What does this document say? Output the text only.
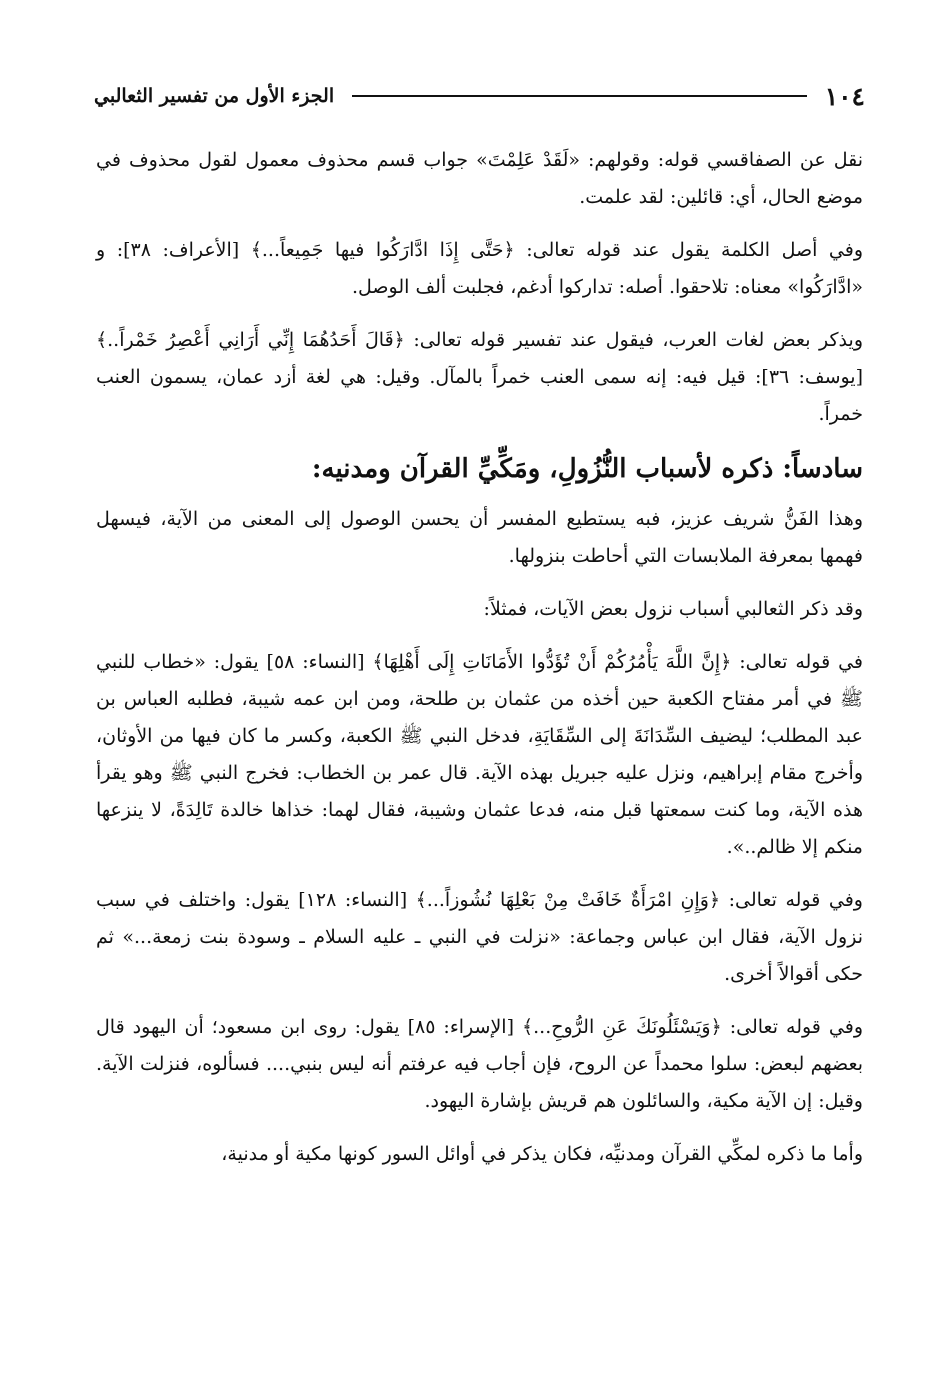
١٠٤
الجزء الأول من تفسير الثعالبي

نقل عن الصفاقسي قوله: وقولهم: «لَقَدْ عَلِمْتَ» جواب قسم محذوف معمول لقول محذوف في موضع الحال، أي: قائلين: لقد علمت.

وفي أصل الكلمة يقول عند قوله تعالى: ﴿حَتَّى إِذَا ادَّارَكُوا فيها جَمِيعاً...﴾ [الأعراف: ٣٨]: و «ادَّارَكُوا» معناه: تلاحقوا. أصله: تداركوا أدغم، فجلبت ألف الوصل.

ويذكر بعض لغات العرب، فيقول عند تفسير قوله تعالى: ﴿قَالَ أَحَدُهُمَا إِنِّي أَرَانِي أَعْصِرُ خَمْراً..﴾ [يوسف: ٣٦]: قيل فيه: إنه سمى العنب خمراً بالمآل. وقيل: هي لغة أزد عمان، يسمون العنب خمراً.

سادساً: ذكره لأسباب النُّزُولِ، ومَكِّيِّ القرآن ومدنيه:

وهذا الفَنُّ شريف عزيز، فبه يستطيع المفسر أن يحسن الوصول إلى المعنى من الآية، فيسهل فهمها بمعرفة الملابسات التي أحاطت بنزولها.

وقد ذكر الثعالبي أسباب نزول بعض الآيات، فمثلاً:

في قوله تعالى: ﴿إِنَّ اللَّهَ يَأْمُرُكُمْ أَنْ تُؤَدُّوا الأَمَانَاتِ إِلَى أَهْلِهَا﴾ [النساء: ٥٨] يقول: «خطاب للنبي ﷺ في أمر مفتاح الكعبة حين أخذه من عثمان بن طلحة، ومن ابن عمه شيبة، فطلبه العباس بن عبد المطلب؛ ليضيف السِّدَانَةَ إلى السِّقَايَةِ، فدخل النبي ﷺ الكعبة، وكسر ما كان فيها من الأوثان، وأخرج مقام إبراهيم، ونزل عليه جبريل بهذه الآية. قال عمر بن الخطاب: فخرج النبي ﷺ وهو يقرأ هذه الآية، وما كنت سمعتها قبل منه، فدعا عثمان وشيبة، فقال لهما: خذاها خالدة تَالِدَةً، لا ينزعها منكم إلا ظالم..».

وفي قوله تعالى: ﴿وَإِنِ امْرَأَةٌ خَافَتْ مِنْ بَعْلِهَا نُشُوزاً...﴾ [النساء: ١٢٨] يقول: واختلف في سبب نزول الآية، فقال ابن عباس وجماعة: «نزلت في النبي ـ عليه السلام ـ وسودة بنت زمعة...» ثم حكى أقوالاً أخرى.

وفي قوله تعالى: ﴿وَيَسْئَلُونَكَ عَنِ الرُّوحِ...﴾ [الإسراء: ٨٥] يقول: روى ابن مسعود؛ أن اليهود قال بعضهم لبعض: سلوا محمداً عن الروح، فإن أجاب فيه عرفتم أنه ليس بنبي.... فسألوه، فنزلت الآية. وقيل: إن الآية مكية، والسائلون هم قريش بإشارة اليهود.

وأما ما ذكره لمكِّي القرآن ومدنيِّه، فكان يذكر في أوائل السور كونها مكية أو مدنية،
